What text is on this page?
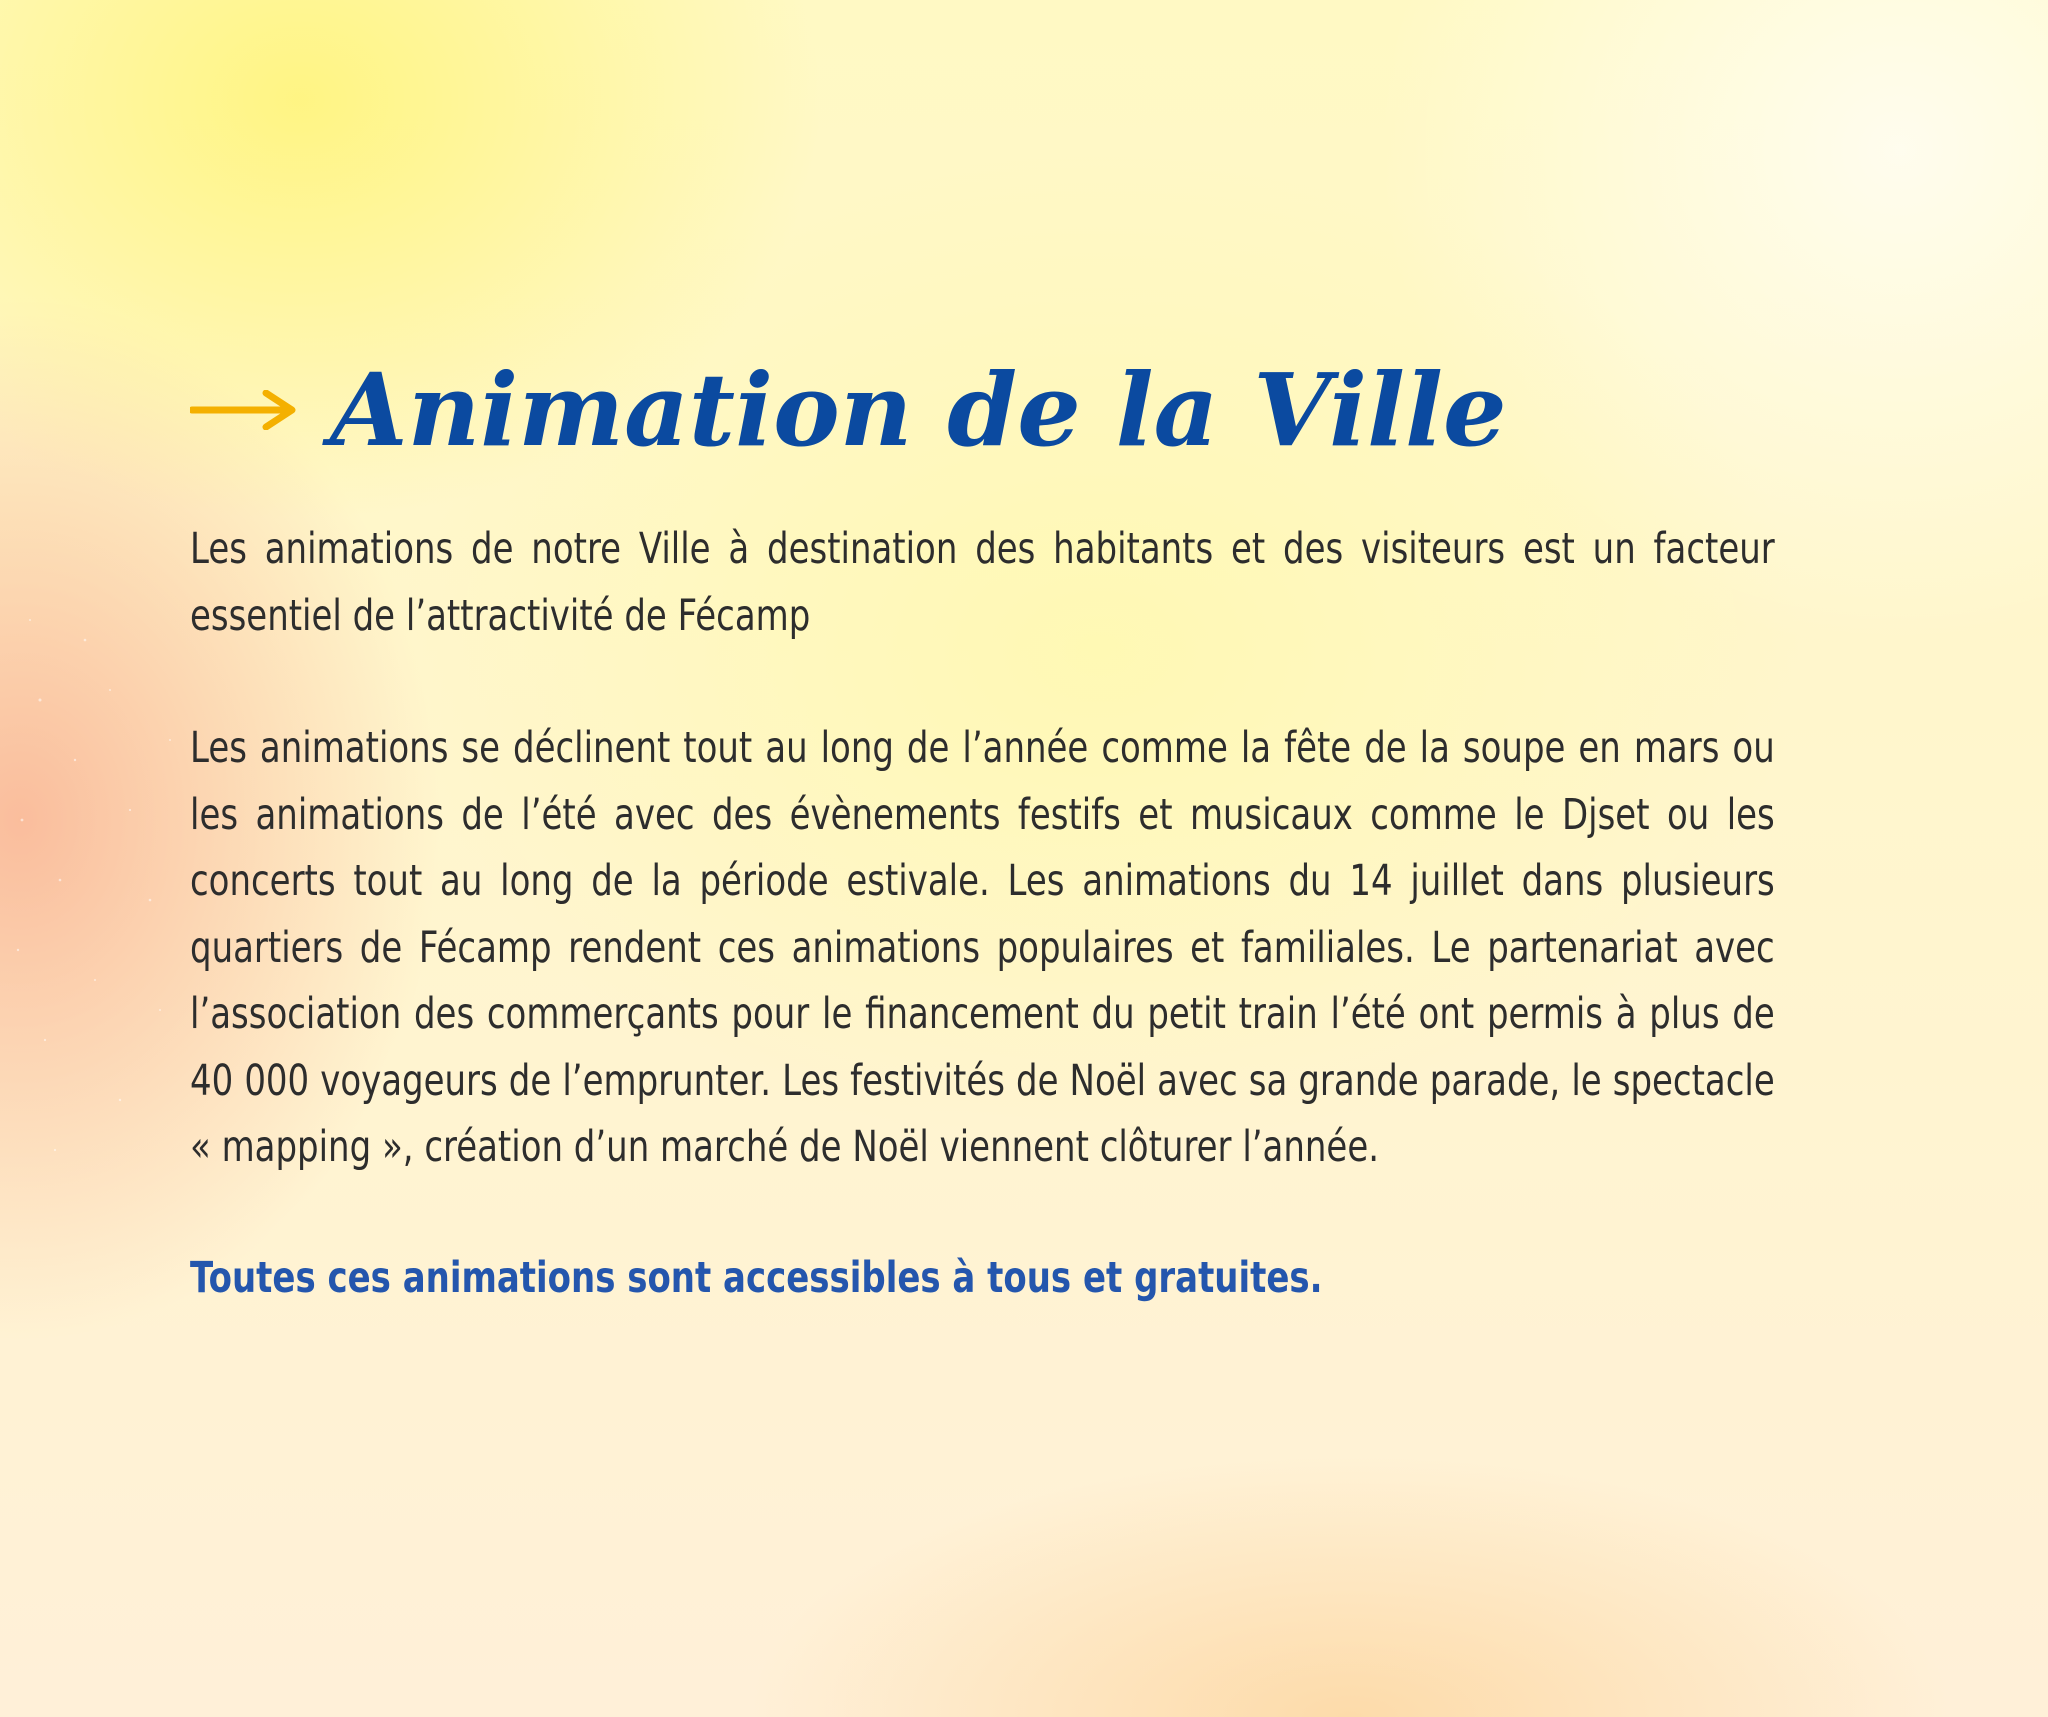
Animation de la Ville

Les animations de notre Ville à destination des habitants et des visiteurs est un facteur essentiel de l’attractivité de Fécamp

Les animations se déclinent tout au long de l’année comme la fête de la soupe en mars ou les animations de l’été avec des évènements festifs et musicaux comme le Djset ou les concerts tout au long de la période estivale. Les animations du 14 juillet dans plusieurs quartiers de Fécamp rendent ces animations populaires et familiales. Le partenariat avec l’association des commerçants pour le financement du petit train l’été ont permis à plus de 40 000 voyageurs de l’emprunter. Les festivités de Noël avec sa grande parade, le spectacle « mapping », création d’un marché de Noël viennent clôturer l’année.

Toutes ces animations sont accessibles à tous et gratuites.
